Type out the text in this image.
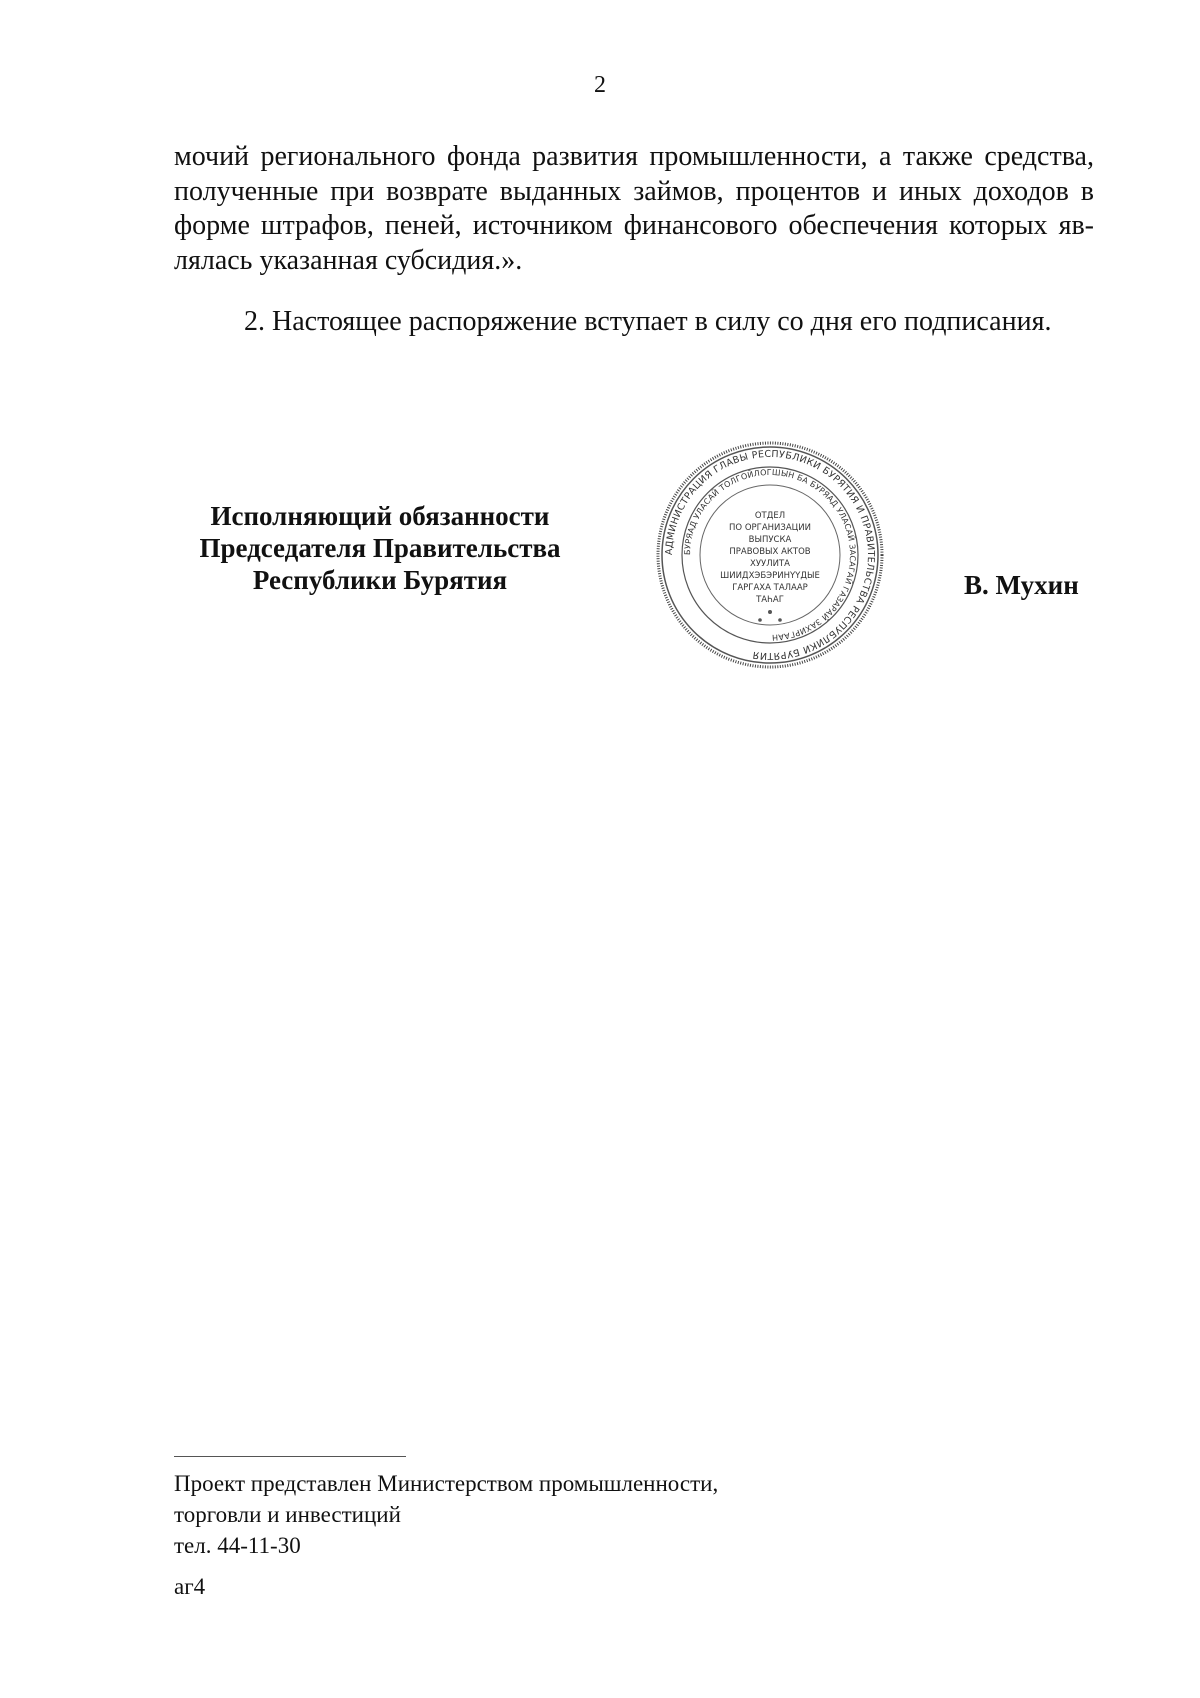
2
мочий регионального фонда развития промышленности, а также средства,
полученные при возврате выданных займов, процентов и иных доходов в
форме штрафов, пеней, источником финансового обеспечения которых яв-
лялась указанная субсидия.».
2. Настоящее распоряжение вступает в силу со дня его подписания.
Исполняющий обязанности
Председателя Правительства
Республики Бурятия
АДМИНИСТРАЦИЯ ГЛАВЫ РЕСПУБЛИКИ БУРЯТИЯ И ПРАВИТЕЛЬСТВА РЕСПУБЛИКИ БУРЯТИЯ
БУРЯАД УЛАСАЙ ТОЛГОЙЛОГШЫН БА БУРЯАД УЛАСАЙ ЗАСАГАЙ ГАЗАРАЙ ЗАХИРГААН
ОТДЕЛ
ПО ОРГАНИЗАЦИИ
ВЫПУСКА
ПРАВОВЫХ АКТОВ
ХУУЛИТА
ШИИДХЭБЭРИНҮҮДЫЕ
ГАРГАХА ТАЛААР
ТАҺАГ	В. Мухин
Проект представлен Министерством промышленности,
торговли и инвестиций
тел. 44-11-30
аг4
